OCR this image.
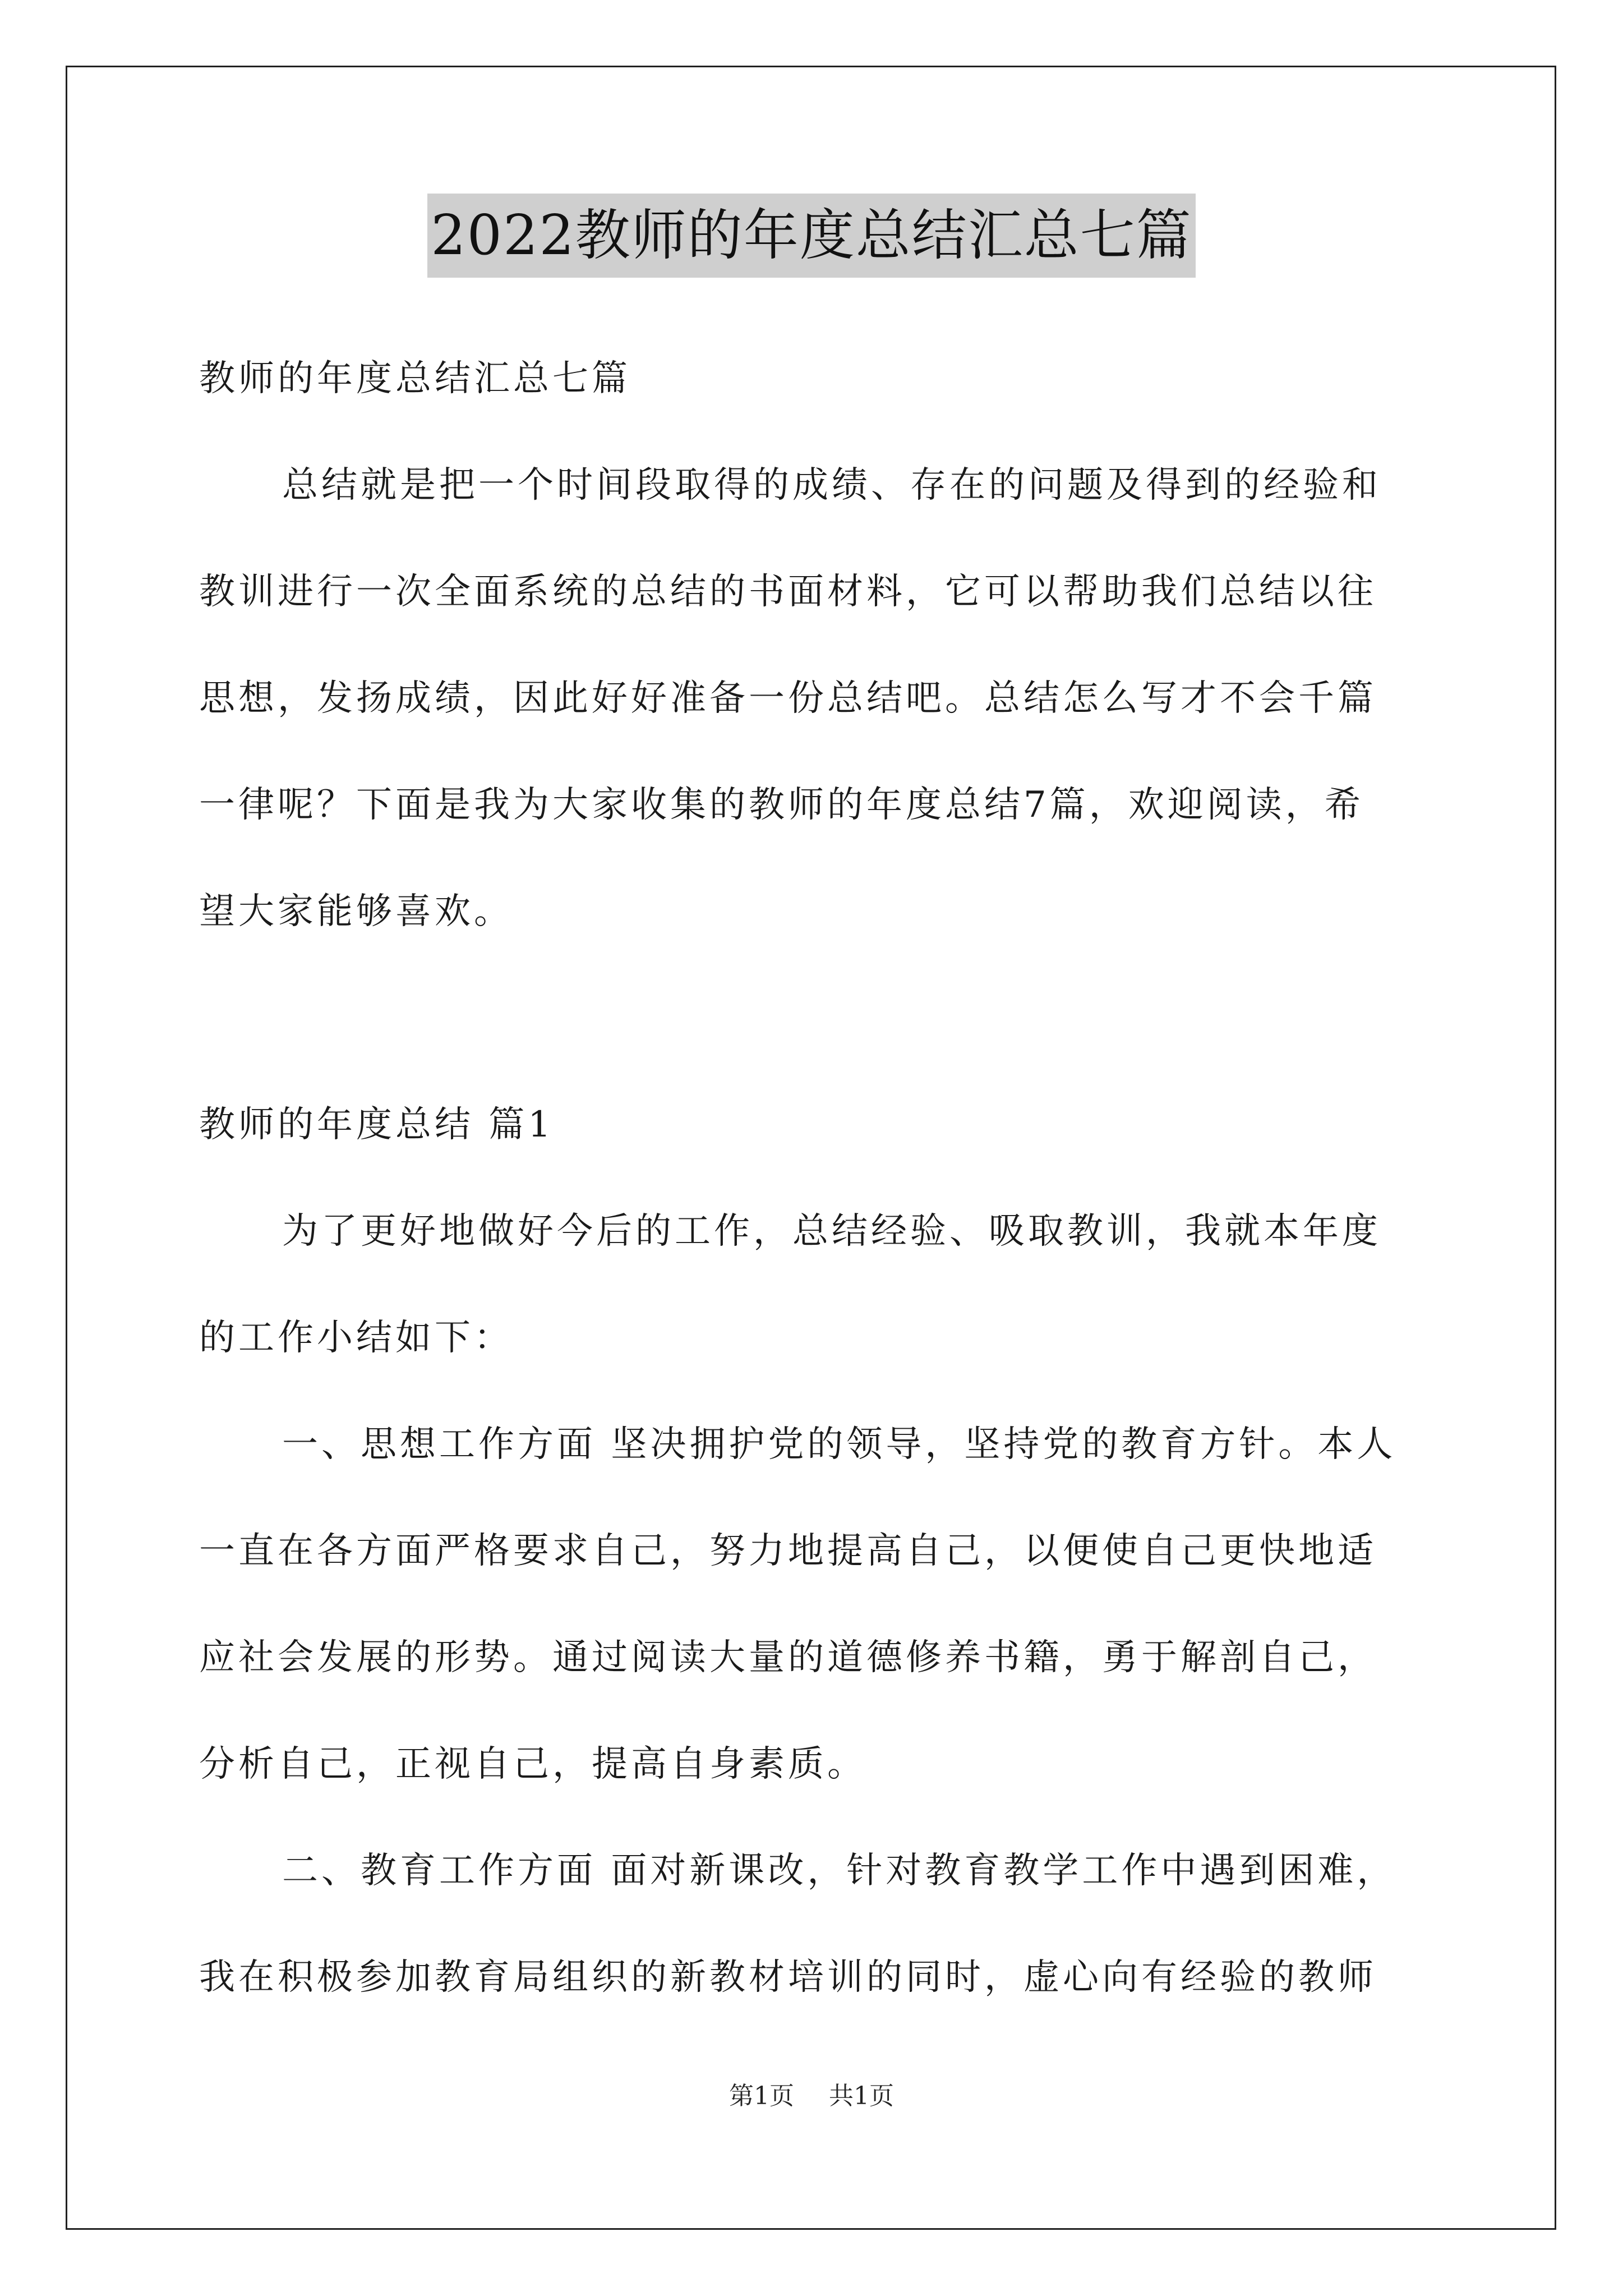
2022教师的年度总结汇总七篇

教师的年度总结汇总七篇

总结就是把一个时间段取得的成绩、存在的问题及得到的经验和

教训进行一次全面系统的总结的书面材料，它可以帮助我们总结以往

思想，发扬成绩，因此好好准备一份总结吧。总结怎么写才不会千篇

一律呢？下面是我为大家收集的教师的年度总结7篇，欢迎阅读，希

望大家能够喜欢。

教师的年度总结 篇1

为了更好地做好今后的工作，总结经验、吸取教训，我就本年度

的工作小结如下：

一、思想工作方面 坚决拥护党的领导，坚持党的教育方针。本人

一直在各方面严格要求自己，努力地提高自己，以便使自己更快地适

应社会发展的形势。通过阅读大量的道德修养书籍，勇于解剖自己，

分析自己，正视自己，提高自身素质。

二、教育工作方面 面对新课改，针对教育教学工作中遇到困难，

我在积极参加教育局组织的新教材培训的同时，虚心向有经验的教师

第1页 共1页
